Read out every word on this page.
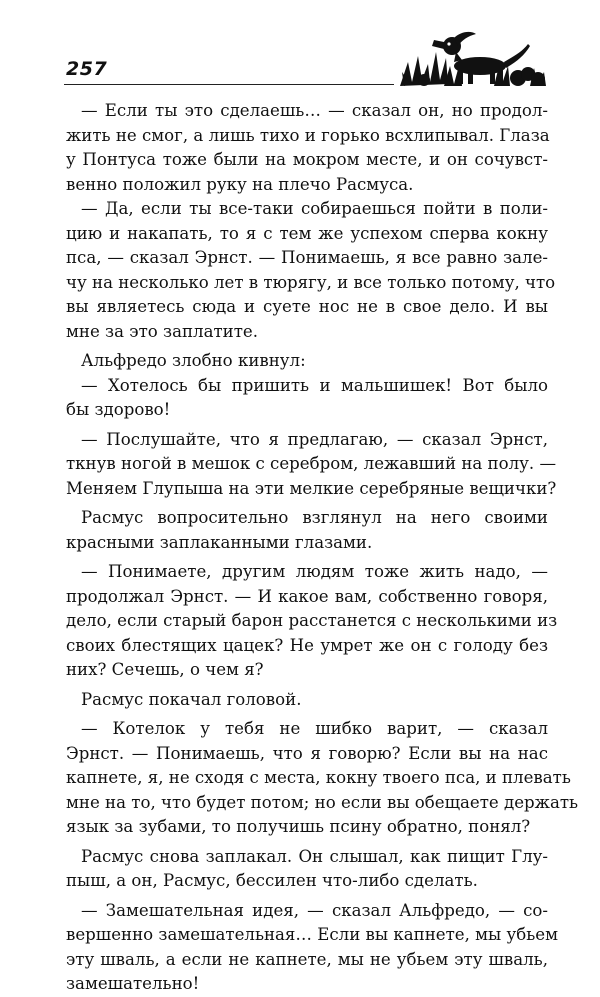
257

— Если ты это сделаешь… — сказал он, но продол-
жить не смог, а лишь тихо и горько всхлипывал. Глаза
у Понтуса тоже были на мокром месте, и он сочувст-
венно положил руку на плечо Расмуса.

— Да, если ты все-таки собираешься пойти в поли-
цию и накапать, то я с тем же успехом сперва кокну
пса, — сказал Эрнст. — Понимаешь, я все равно зале-
чу на несколько лет в тюрягу, и все только потому, что
вы являетесь сюда и суете нос не в свое дело. И вы
мне за это заплатите.

Альфредо злобно кивнул:

— Хотелось бы пришить и мальшишек! Вот было
бы здорово!

— Послушайте, что я предлагаю, — сказал Эрнст,
ткнув ногой в мешок с серебром, лежавший на полу. —
Меняем Глупыша на эти мелкие серебряные вещички?

Расмус вопросительно взглянул на него своими
красными заплаканными глазами.

— Понимаете, другим людям тоже жить надо, —
продолжал Эрнст. — И какое вам, собственно говоря,
дело, если старый барон расстанется с несколькими из
своих блестящих цацек? Не умрет же он с голоду без
них? Сечешь, о чем я?

Расмус покачал головой.

— Котелок у тебя не шибко варит, — сказал
Эрнст. — Понимаешь, что я говорю? Если вы на нас
капнете, я, не сходя с места, кокну твоего пса, и плевать
мне на то, что будет потом; но если вы обещаете держать
язык за зубами, то получишь псину обратно, понял?

Расмус снова заплакал. Он слышал, как пищит Глу-
пыш, а он, Расмус, бессилен что-либо сделать.

— Замешательная идея, — сказал Альфредо, — со-
вершенно замешательная… Если вы капнете, мы убьем
эту шваль, а если не капнете, мы не убьем эту шваль,
замешательно!
